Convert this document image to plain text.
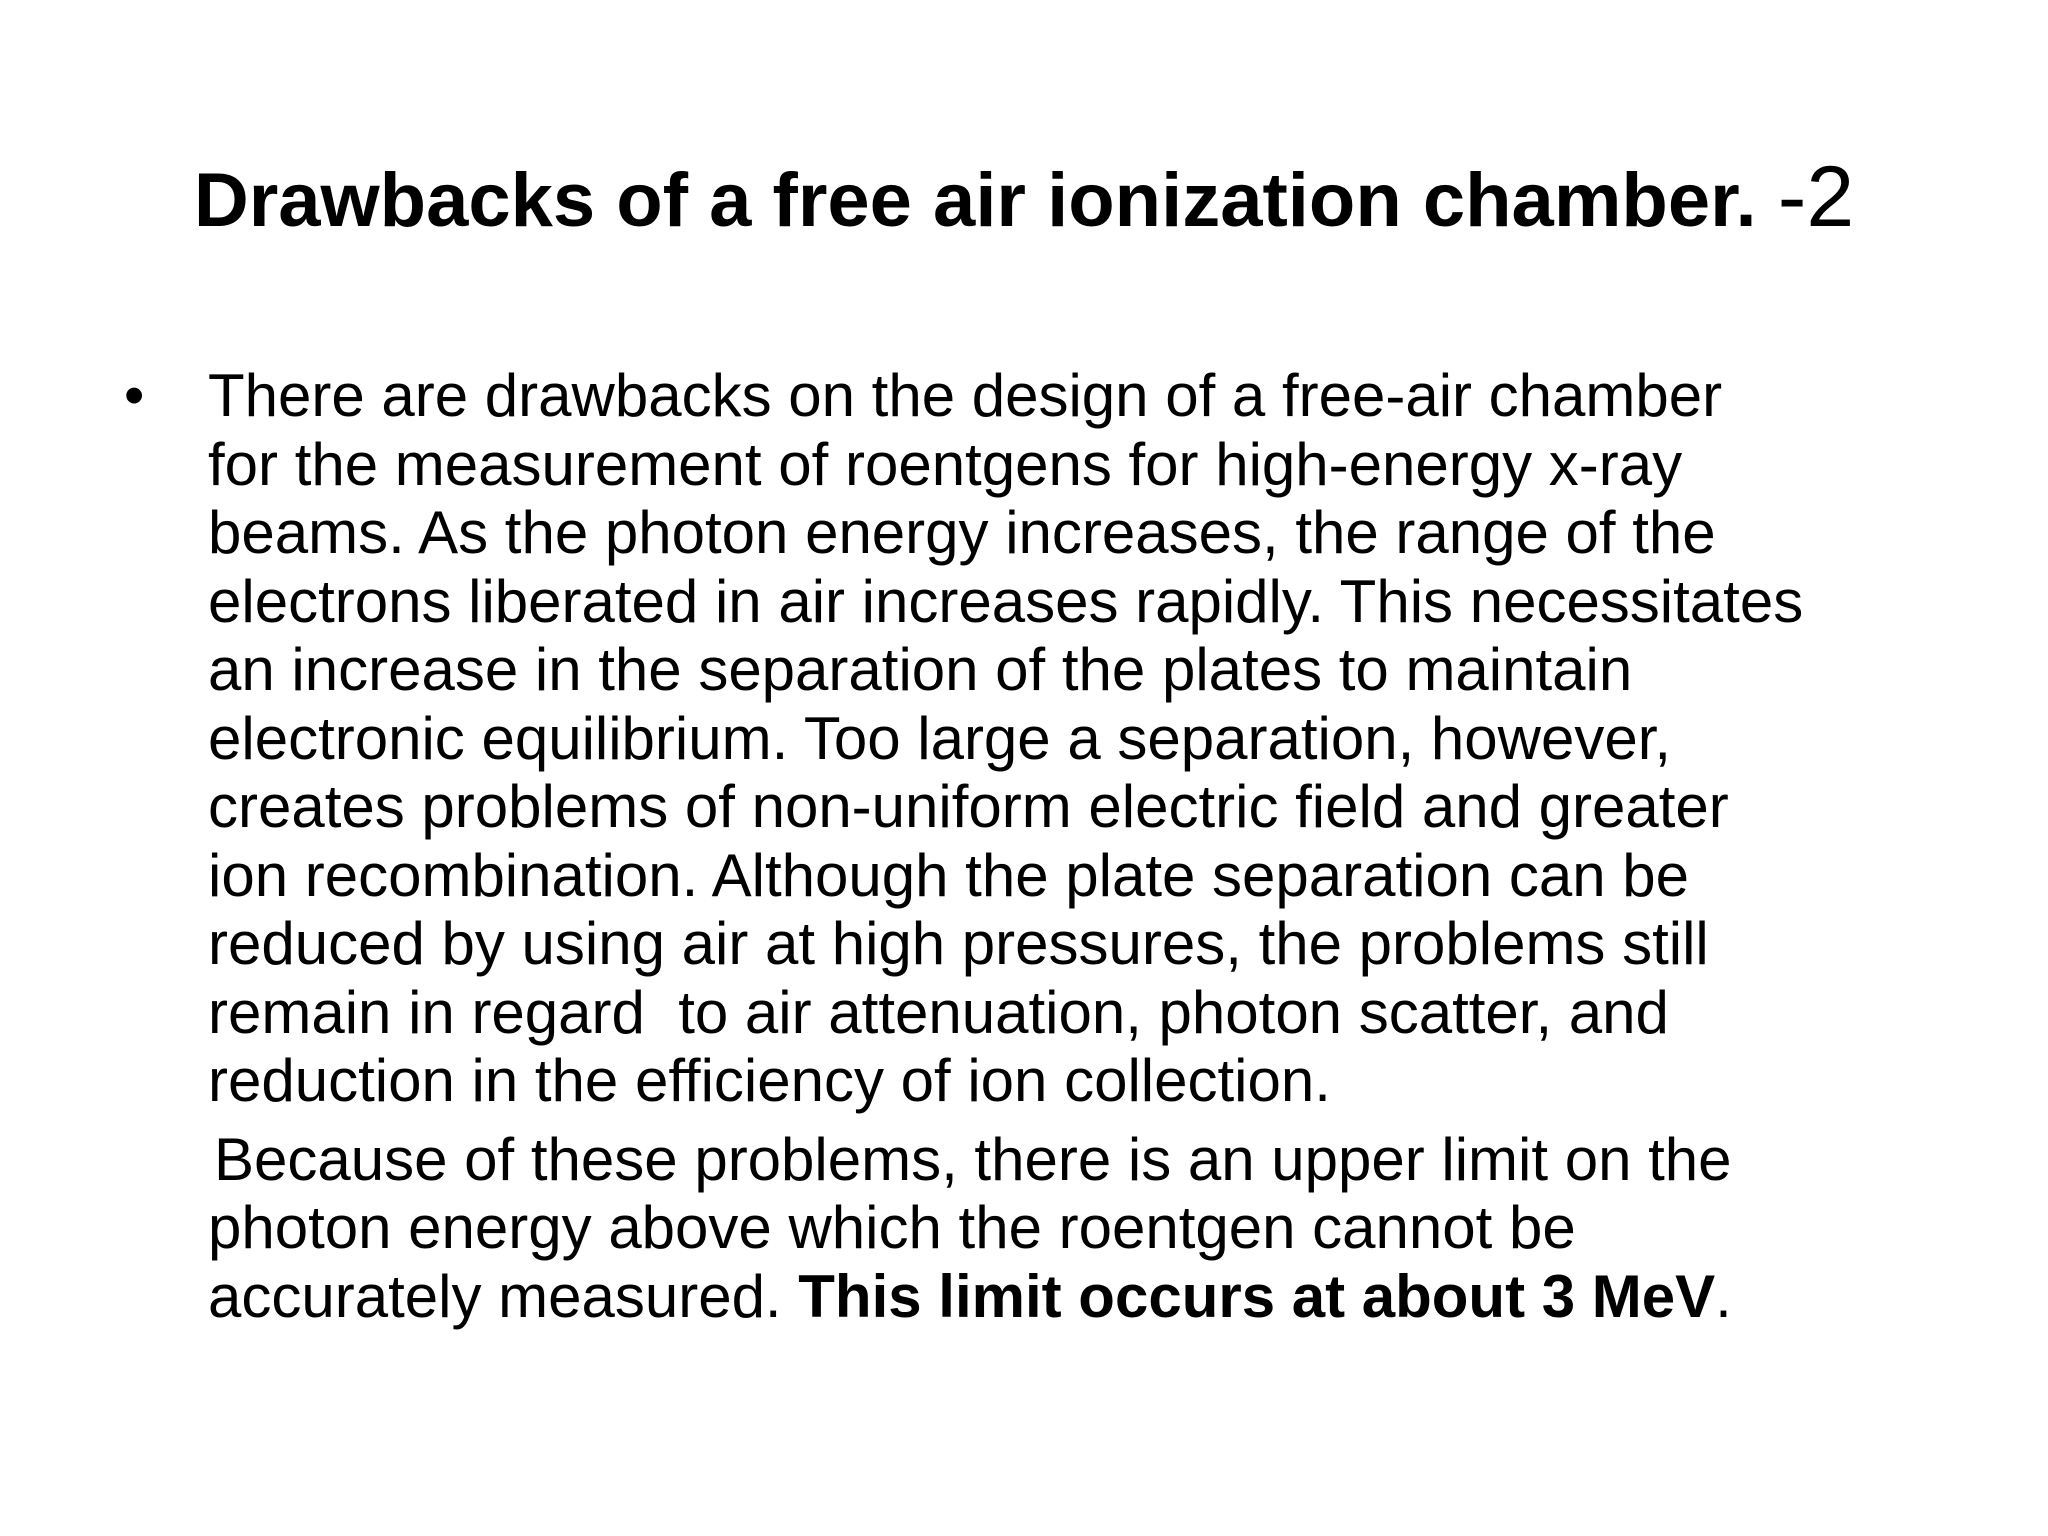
Drawbacks of a free air ionization chamber. -2
•	There are drawbacks on the design of a free-air chamber
for the measurement of roentgens for high-energy x-ray
beams. As the photon energy increases, the range of the
electrons liberated in air increases rapidly. This necessitates
an increase in the separation of the plates to maintain
electronic equilibrium. Too large a separation, however,
creates problems of non-uniform electric field and greater
ion recombination. Although the plate separation can be
reduced by using air at high pressures, the problems still
remain in regard  to air attenuation, photon scatter, and
reduction in the efficiency of ion collection.
Because of these problems, there is an upper limit on the
photon energy above which the roentgen cannot be
accurately measured. This limit occurs at about 3 MeV.
